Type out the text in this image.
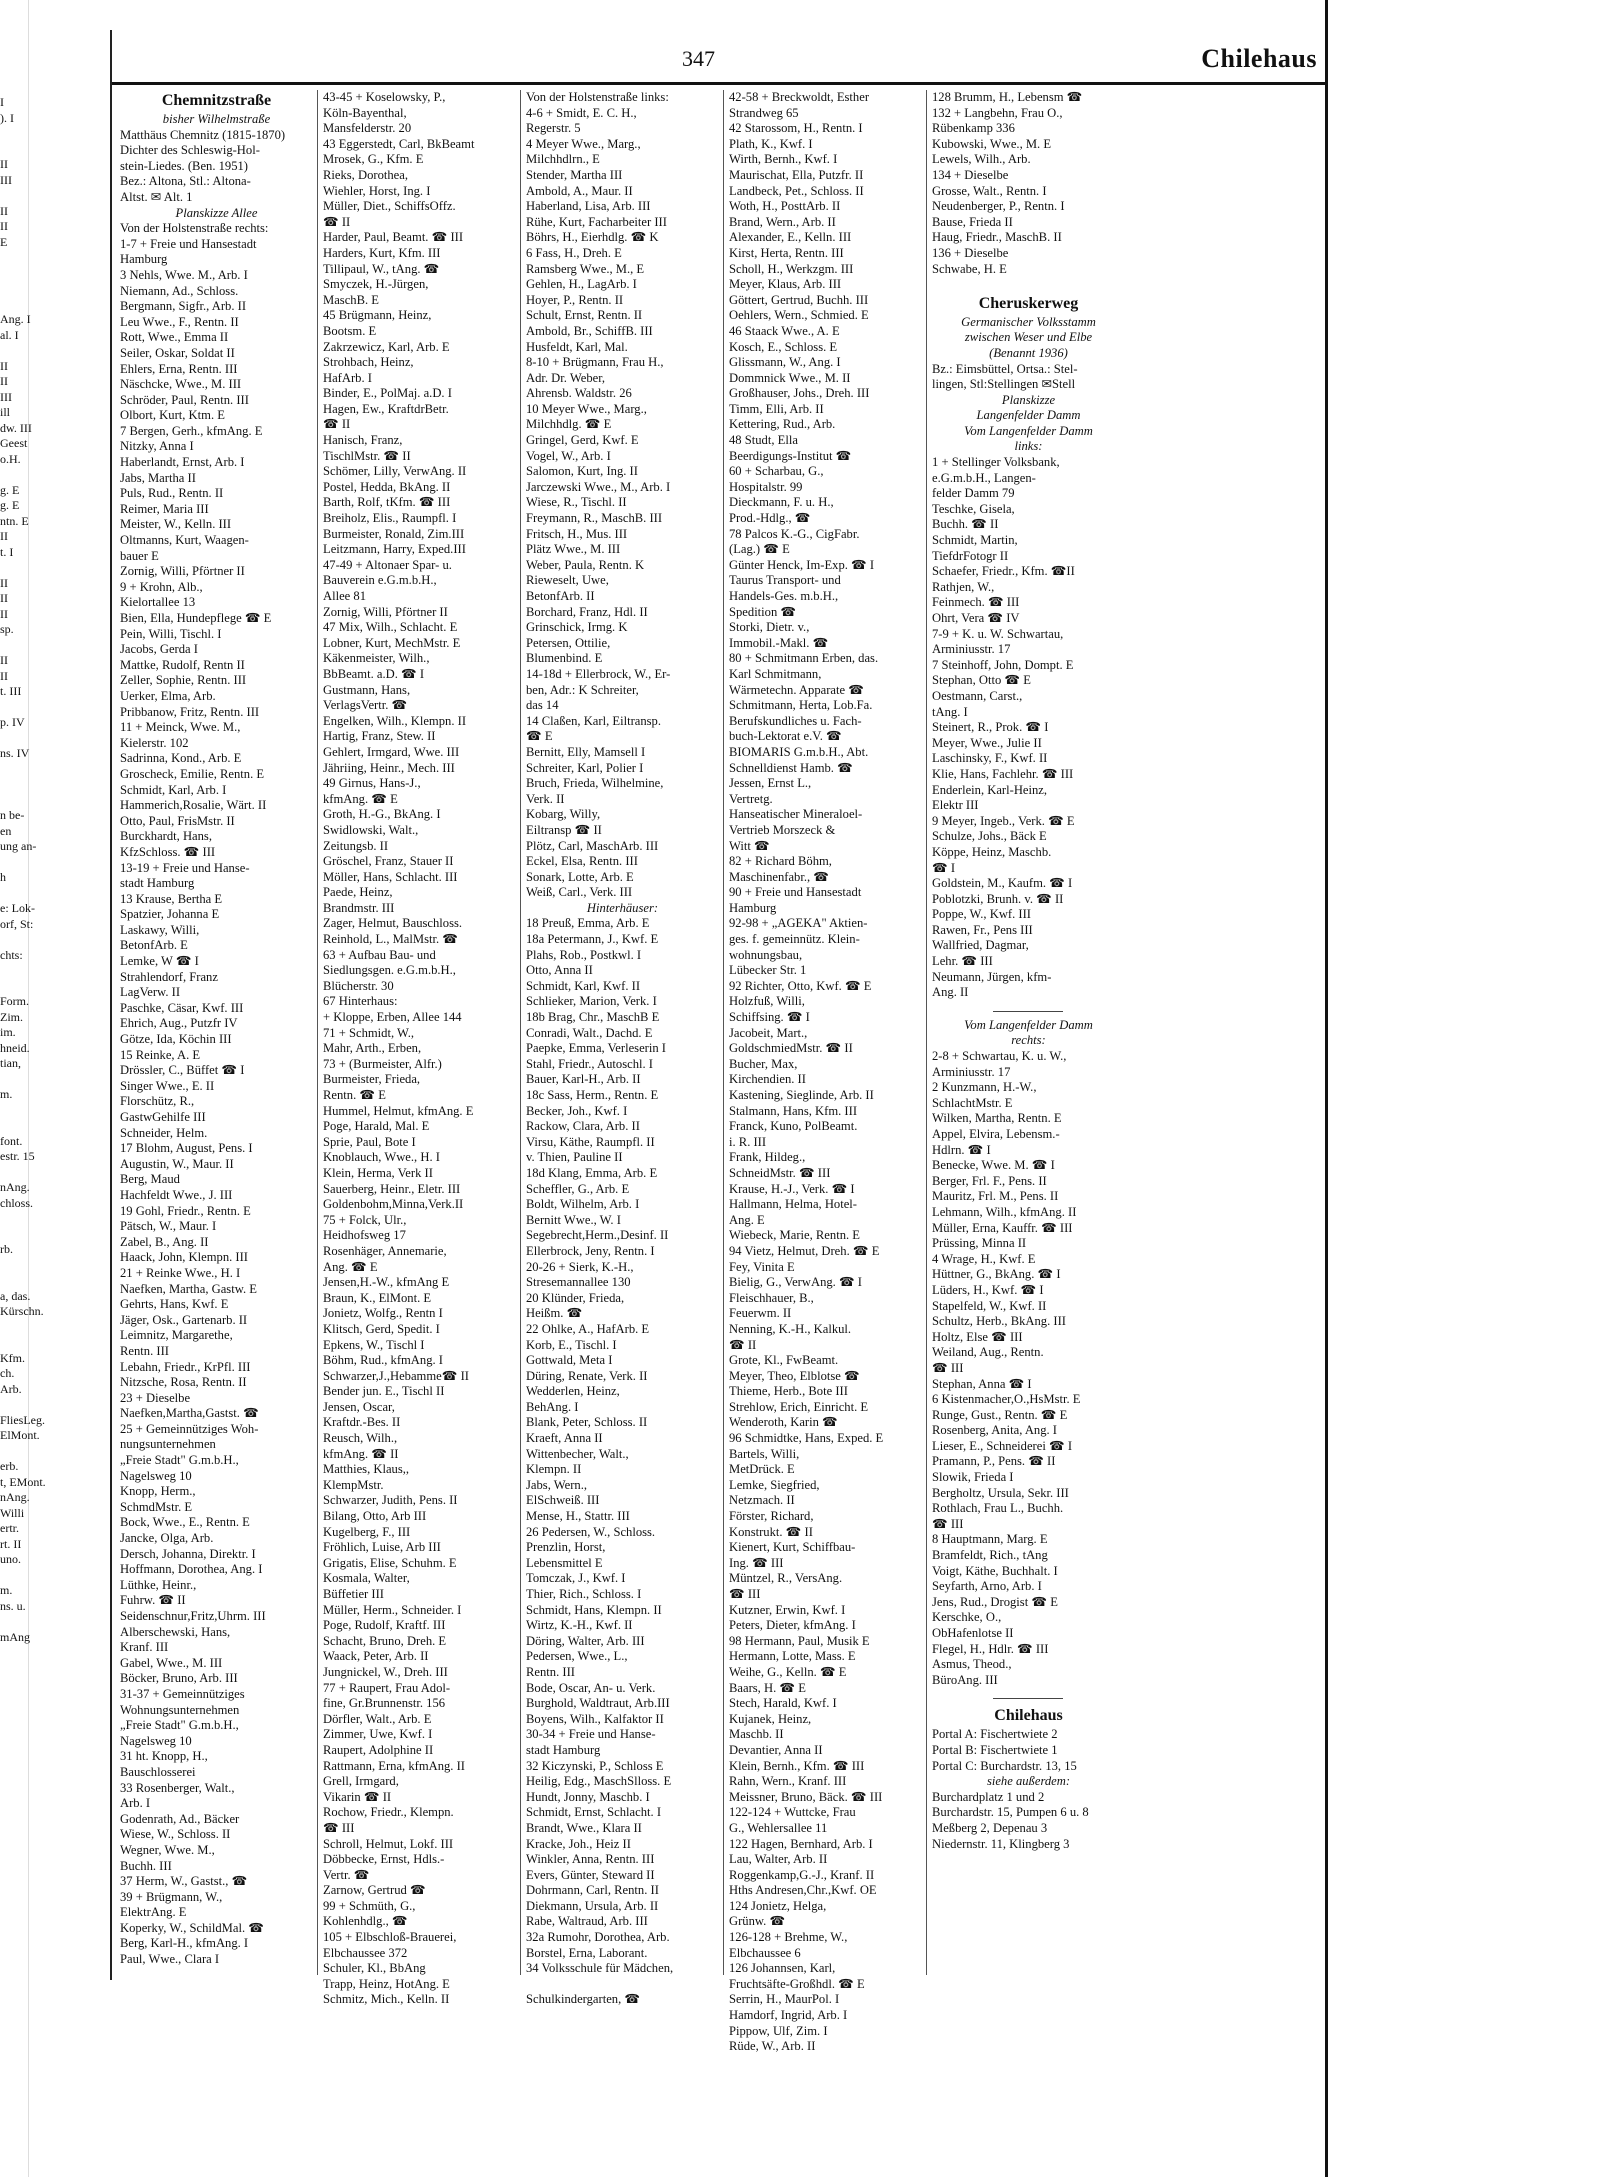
I
). I
II
III
II
II
E
Ang. I
al. I
II
II
III
ill
dw. III
Geest
o.H.
g. E
g. E
ntn. E
II
t. I
II
II
II
sp.
II
II
t. III
p. IV
ns. IV
n be-
en
ung an-
h
e: Lok-
orf, St:
chts:
Form.
Zim.
im.
hneid.
tian,
m.
font.
estr. 15
nAng.
chloss.
rb.
a, das.
Kürschn.
Kfm.
ch.
Arb.
FliesLeg.
ElMont.
erb.
t, EMont.
nAng.
Willi
ertr.
rt. II
uno.
m.
ns. u.
mAng
347	Chilehaus
Chemnitzstraße
bisher Wilhelmstraße
Matthäus Chemnitz (1815-1870)
Dichter des Schleswig-Hol-
stein-Liedes. (Ben. 1951)
Bez.: Altona, Stl.: Altona-
Altst. ✉ Alt. 1
Planskizze Allee
Von der Holstenstraße rechts:
1-7 + Freie und Hansestadt
Hamburg
3 Nehls, Wwe. M., Arb. I
Niemann, Ad., Schloss.
Bergmann, Sigfr., Arb. II
Leu Wwe., F., Rentn. II
Rott, Wwe., Emma II
Seiler, Oskar, Soldat II
Ehlers, Erna, Rentn. III
Näschcke, Wwe., M. III
Schröder, Paul, Rentn. III
Olbort, Kurt, Ktm. E
7 Bergen, Gerh., kfmAng. E
Nitzky, Anna I
Haberlandt, Ernst, Arb. I
Jabs, Martha II
Puls, Rud., Rentn. II
Reimer, Maria III
Meister, W., Kelln. III
Oltmanns, Kurt, Waagen-
bauer E
Zornig, Willi, Pförtner II
9 + Krohn, Alb.,
Kielortallee 13
Bien, Ella, Hundepflege ☎ E
Pein, Willi, Tischl. I
Jacobs, Gerda I
Mattke, Rudolf, Rentn II
Zeller, Sophie, Rentn. III
Uerker, Elma, Arb.
Pribbanow, Fritz, Rentn. III
11 + Meinck, Wwe. M.,
Kielerstr. 102
Sadrinna, Kond., Arb. E
Groscheck, Emilie, Rentn. E
Schmidt, Karl, Arb. I
Hammerich,Rosalie, Wärt. II
Otto, Paul, FrisMstr. II
Burckhardt, Hans,
KfzSchloss. ☎ III
13-19 + Freie und Hanse-
stadt Hamburg
13 Krause, Bertha E
Spatzier, Johanna E
Laskawy, Willi,
BetonfArb. E
Lemke, W ☎ I
Strahlendorf, Franz
LagVerw. II
Paschke, Cäsar, Kwf. III
Ehrich, Aug., Putzfr IV
Götze, Ida, Köchin III
15 Reinke, A. E
Drössler, C., Büffet ☎ I
Singer Wwe., E. II
Florschütz, R.,
GastwGehilfe III
Schneider, Helm.
17 Blohm, August, Pens. I
Augustin, W., Maur. II
Berg, Maud
Hachfeldt Wwe., J. III
19 Gohl, Friedr., Rentn. E
Pätsch, W., Maur. I
Zabel, B., Ang. II
Haack, John, Klempn. III
21 + Reinke Wwe., H. I
Naefken, Martha, Gastw. E
Gehrts, Hans, Kwf. E
Jäger, Osk., Gartenarb. II
Leimnitz, Margarethe,
Rentn. III
Lebahn, Friedr., KrPfl. III
Nitzsche, Rosa, Rentn. II
23 + Dieselbe
Naefken,Martha,Gastst. ☎
25 + Gemeinnütziges Woh-
nungsunternehmen
„Freie Stadt" G.m.b.H.,
Nagelsweg 10
Knopp, Herm.,
SchmdMstr. E
Bock, Wwe., E., Rentn. E
Jancke, Olga, Arb.
Dersch, Johanna, Direktr. I
Hoffmann, Dorothea, Ang. I
Lüthke, Heinr.,
Fuhrw. ☎ II
Seidenschnur,Fritz,Uhrm. III
Alberschewski, Hans,
Kranf. III
Gabel, Wwe., M. III
Böcker, Bruno, Arb. III
31-37 + Gemeinnütziges
Wohnungsunternehmen
„Freie Stadt" G.m.b.H.,
Nagelsweg 10
31 ht. Knopp, H.,
Bauschlosserei
33 Rosenberger, Walt.,
Arb. I
Godenrath, Ad., Bäcker
Wiese, W., Schloss. II
Wegner, Wwe. M.,
Buchh. III
37 Herm, W., Gastst., ☎
39 + Brügmann, W.,
ElektrAng. E
Koperky, W., SchildMal. ☎
Berg, Karl-H., kfmAng. I
Paul, Wwe., Clara I
43-45 + Koselowsky, P.,
Köln-Bayenthal,
Mansfelderstr. 20
43 Eggerstedt, Carl, BkBeamt
Mrosek, G., Kfm. E
Rieks, Dorothea,
Wiehler, Horst, Ing. I
Müller, Diet., SchiffsOffz.
☎ II
Harder, Paul, Beamt. ☎ III
Harders, Kurt, Kfm. III
Tillipaul, W., tAng. ☎
Smyczek, H.-Jürgen,
MaschB. E
45 Brügmann, Heinz,
Bootsm. E
Zakrzewicz, Karl, Arb. E
Strohbach, Heinz,
HafArb. I
Binder, E., PolMaj. a.D. I
Hagen, Ew., KraftdrBetr.
☎ II
Hanisch, Franz,
TischlMstr. ☎ II
Schömer, Lilly, VerwAng. II
Postel, Hedda, BkAng. II
Barth, Rolf, tKfm. ☎ III
Breiholz, Elis., Raumpfl. I
Burmeister, Ronald, Zim.III
Leitzmann, Harry, Exped.III
47-49 + Altonaer Spar- u.
Bauverein e.G.m.b.H.,
Allee 81
Zornig, Willi, Pförtner II
47 Mix, Wilh., Schlacht. E
Lobner, Kurt, MechMstr. E
Käkenmeister, Wilh.,
BbBeamt. a.D. ☎ I
Gustmann, Hans,
VerlagsVertr. ☎
Engelken, Wilh., Klempn. II
Hartig, Franz, Stew. II
Gehlert, Irmgard, Wwe. III
Jähriing, Heinr., Mech. III
49 Girnus, Hans-J.,
kfmAng. ☎ E
Groth, H.-G., BkAng. I
Swidlowski, Walt.,
Zeitungsb. II
Gröschel, Franz, Stauer II
Möller, Hans, Schlacht. III
Paede, Heinz,
Brandmstr. III
Zager, Helmut, Bauschloss.
Reinhold, L., MalMstr. ☎
63 + Aufbau Bau- und
Siedlungsgen. e.G.m.b.H.,
Blücherstr. 30
67 Hinterhaus:
+ Kloppe, Erben, Allee 144
71 + Schmidt, W.,
Mahr, Arth., Erben,
73 + (Burmeister, Alfr.)
Burmeister, Frieda,
Rentn. ☎ E
Hummel, Helmut, kfmAng. E
Poge, Harald, Mal. E
Sprie, Paul, Bote I
Knoblauch, Wwe., H. I
Klein, Herma, Verk II
Sauerberg, Heinr., Eletr. III
Goldenbohm,Minna,Verk.II
75 + Folck, Ulr.,
Heidhofsweg 17
Rosenhäger, Annemarie,
Ang. ☎ E
Jensen,H.-W., kfmAng E
Braun, K., ElMont. E
Jonietz, Wolfg., Rentn I
Klitsch, Gerd, Spedit. I
Epkens, W., Tischl I
Böhm, Rud., kfmAng. I
Schwarzer,J.,Hebamme☎ II
Bender jun. E., Tischl II
Jensen, Oscar,
Kraftdr.-Bes. II
Reusch, Wilh.,
kfmAng. ☎ II
Matthies, Klaus,,
KlempMstr.
Schwarzer, Judith, Pens. II
Bilang, Otto, Arb III
Kugelberg, F., III
Fröhlich, Luise, Arb III
Grigatis, Elise, Schuhm. E
Kosmala, Walter,
Büffetier III
Müller, Herm., Schneider. I
Poge, Rudolf, Kraftf. III
Schacht, Bruno, Dreh. E
Waack, Peter, Arb. II
Jungnickel, W., Dreh. III
77 + Raupert, Frau Adol-
fine, Gr.Brunnenstr. 156
Dörfler, Walt., Arb. E
Zimmer, Uwe, Kwf. I
Raupert, Adolphine II
Rattmann, Erna, kfmAng. II
Grell, Irmgard,
Vikarin ☎ II
Rochow, Friedr., Klempn.
☎ III
Schroll, Helmut, Lokf. III
Döbbecke, Ernst, Hdls.-
Vertr. ☎
Zarnow, Gertrud ☎
99 + Schmüth, G.,
Kohlenhdlg., ☎
105 + Elbschloß-Brauerei,
Elbchaussee 372
Schuler, Kl., BbAng
Trapp, Heinz, HotAng. E
Schmitz, Mich., Kelln. II
Von der Holstenstraße links:
4-6 + Smidt, E. C. H.,
Regerstr. 5
4 Meyer Wwe., Marg.,
Milchhdlrn., E
Stender, Martha III
Ambold, A., Maur. II
Haberland, Lisa, Arb. III
Rühe, Kurt, Facharbeiter III
Böhrs, H., Eierhdlg. ☎ K
6 Fass, H., Dreh. E
Ramsberg Wwe., M., E
Gehlen, H., LagArb. I
Hoyer, P., Rentn. II
Schult, Ernst, Rentn. II
Ambold, Br., SchiffB. III
Husfeldt, Karl, Mal.
8-10 + Brügmann, Frau H.,
Adr. Dr. Weber,
Ahrensb. Waldstr. 26
10 Meyer Wwe., Marg.,
Milchhdlg. ☎ E
Gringel, Gerd, Kwf. E
Vogel, W., Arb. I
Salomon, Kurt, Ing. II
Jarczewski Wwe., M., Arb. I
Wiese, R., Tischl. II
Freymann, R., MaschB. III
Fritsch, H., Mus. III
Plätz Wwe., M. III
Weber, Paula, Rentn. K
Rieweselt, Uwe,
BetonfArb. II
Borchard, Franz, Hdl. II
Grinschick, Irmg. K
Petersen, Ottilie,
Blumenbind. E
14-18d + Ellerbrock, W., Er-
ben, Adr.: K Schreiter,
das 14
14 Claßen, Karl, Eiltransp.
☎ E
Bernitt, Elly, Mamsell I
Schreiter, Karl, Polier I
Bruch, Frieda, Wilhelmine,
Verk. II
Kobarg, Willy,
Eiltransp ☎ II
Plötz, Carl, MaschArb. III
Eckel, Elsa, Rentn. III
Sonark, Lotte, Arb. E
Weiß, Carl., Verk. III
Hinterhäuser:
18 Preuß, Emma, Arb. E
18a Petermann, J., Kwf. E
Plahs, Rob., Postkwl. I
Otto, Anna II
Schmidt, Karl, Kwf. II
Schlieker, Marion, Verk. I
18b Brag, Chr., MaschB E
Conradi, Walt., Dachd. E
Paepke, Emma, Verleserin I
Stahl, Friedr., Autoschl. I
Bauer, Karl-H., Arb. II
18c Sass, Herm., Rentn. E
Becker, Joh., Kwf. I
Rackow, Clara, Arb. II
Virsu, Käthe, Raumpfl. II
v. Thien, Pauline II
18d Klang, Emma, Arb. E
Scheffler, G., Arb. E
Boldt, Wilhelm, Arb. I
Bernitt Wwe., W. I
Segebrecht,Herm.,Desinf. II
Ellerbrock, Jeny, Rentn. I
20-26 + Sierk, K.-H.,
Stresemannallee 130
20 Klünder, Frieda,
Heißm. ☎
22 Ohlke, A., HafArb. E
Korb, E., Tischl. I
Gottwald, Meta I
Düring, Renate, Verk. II
Wedderlen, Heinz,
BehAng. I
Blank, Peter, Schloss. II
Kraeft, Anna II
Wittenbecher, Walt.,
Klempn. II
Jabs, Wern.,
ElSchweiß. III
Mense, H., Stattr. III
26 Pedersen, W., Schloss.
Prenzlin, Horst,
Lebensmittel E
Tomczak, J., Kwf. I
Thier, Rich., Schloss. I
Schmidt, Hans, Klempn. II
Wirtz, K.-H., Kwf. II
Döring, Walter, Arb. III
Pedersen, Wwe., L.,
Rentn. III
Bode, Oscar, An- u. Verk.
Burghold, Waldtraut, Arb.III
Boyens, Wilh., Kalfaktor II
30-34 + Freie und Hanse-
stadt Hamburg
32 Kiczynski, P., Schloss E
Heilig, Edg., MaschSlloss. E
Hundt, Jonny, Maschb. I
Schmidt, Ernst, Schlacht. I
Brandt, Wwe., Klara II
Kracke, Joh., Heiz II
Winkler, Anna, Rentn. III
Evers, Günter, Steward II
Dohrmann, Carl, Rentn. II
Diekmann, Ursula, Arb. II
Rabe, Waltraud, Arb. III
32a Rumohr, Dorothea, Arb.
Borstel, Erna, Laborant.
34 Volksschule für Mädchen,
Schulkindergarten, ☎
42-58 + Breckwoldt, Esther
Strandweg 65
42 Starossom, H., Rentn. I
Plath, K., Kwf. I
Wirth, Bernh., Kwf. I
Maurischat, Ella, Putzfr. II
Landbeck, Pet., Schloss. II
Woth, H., PosttArb. II
Brand, Wern., Arb. II
Alexander, E., Kelln. III
Kirst, Herta, Rentn. III
Scholl, H., Werkzgm. III
Meyer, Klaus, Arb. III
Göttert, Gertrud, Buchh. III
Oehlers, Wern., Schmied. E
46 Staack Wwe., A. E
Kosch, E., Schloss. E
Glissmann, W., Ang. I
Dommnick Wwe., M. II
Großhauser, Johs., Dreh. III
Timm, Elli, Arb. II
Kettering, Rud., Arb.
48 Studt, Ella
Beerdigungs-Institut ☎
60 + Scharbau, G.,
Hospitalstr. 99
Dieckmann, F. u. H.,
Prod.-Hdlg., ☎
78 Palcos K.-G., CigFabr.
(Lag.) ☎ E
Günter Henck, Im-Exp. ☎ I
Taurus Transport- und
Handels-Ges. m.b.H.,
Spedition ☎
Storki, Dietr. v.,
Immobil.-Makl. ☎
80 + Schmitmann Erben, das.
Karl Schmitmann,
Wärmetechn. Apparate ☎
Schmitmann, Herta, Lob.Fa.
Berufskundliches u. Fach-
buch-Lektorat e.V. ☎
BIOMARIS G.m.b.H., Abt.
Schnelldienst Hamb. ☎
Jessen, Ernst L.,
Vertretg.
Hanseatischer Mineraloel-
Vertrieb Morszeck &
Witt ☎
82 + Richard Böhm,
Maschinenfabr., ☎
90 + Freie und Hansestadt
Hamburg
92-98 + „AGEKA" Aktien-
ges. f. gemeinnütz. Klein-
wohnungsbau,
Lübecker Str. 1
92 Richter, Otto, Kwf. ☎ E
Holzfuß, Willi,
Schiffsing. ☎ I
Jacobeit, Mart.,
GoldschmiedMstr. ☎ II
Bucher, Max,
Kirchendien. II
Kastening, Sieglinde, Arb. II
Stalmann, Hans, Kfm. III
Franck, Kuno, PolBeamt.
i. R. III
Frank, Hildeg.,
SchneidMstr. ☎ III
Krause, H.-J., Verk. ☎ I
Hallmann, Helma, Hotel-
Ang. E
Wiebeck, Marie, Rentn. E
94 Vietz, Helmut, Dreh. ☎ E
Fey, Vinita E
Bielig, G., VerwAng. ☎ I
Fleischhauer, B.,
Feuerwm. II
Nenning, K.-H., Kalkul.
☎ II
Grote, Kl., FwBeamt.
Meyer, Theo, Elblotse ☎
Thieme, Herb., Bote III
Strehlow, Erich, Einricht. E
Wenderoth, Karin ☎
96 Schmidtke, Hans, Exped. E
Bartels, Willi,
MetDrück. E
Lemke, Siegfried,
Netzmach. II
Förster, Richard,
Konstrukt. ☎ II
Kienert, Kurt, Schiffbau-
Ing. ☎ III
Müntzel, R., VersAng.
☎ III
Kutzner, Erwin, Kwf. I
Peters, Dieter, kfmAng. I
98 Hermann, Paul, Musik E
Hermann, Lotte, Mass. E
Weihe, G., Kelln. ☎ E
Baars, H. ☎ E
Stech, Harald, Kwf. I
Kujanek, Heinz,
Maschb. II
Devantier, Anna II
Klein, Bernh., Kfm. ☎ III
Rahn, Wern., Kranf. III
Meissner, Bruno, Bäck. ☎ III
122-124 + Wuttcke, Frau
G., Wehlersallee 11
122 Hagen, Bernhard, Arb. I
Lau, Walter, Arb. II
Roggenkamp,G.-J., Kranf. II
Hths Andresen,Chr.,Kwf. OE
124 Jonietz, Helga,
Grünw. ☎
126-128 + Brehme, W.,
Elbchaussee 6
126 Johannsen, Karl,
Fruchtsäfte-Großhdl. ☎ E
Serrin, H., MaurPol. I
Hamdorf, Ingrid, Arb. I
Pippow, Ulf, Zim. I
Rüde, W., Arb. II
128 Brumm, H., Lebensm ☎
132 + Langbehn, Frau O.,
Rübenkamp 336
Kubowski, Wwe., M. E
Lewels, Wilh., Arb.
134 + Dieselbe
Grosse, Walt., Rentn. I
Neudenberger, P., Rentn. I
Bause, Frieda II
Haug, Friedr., MaschB. II
136 + Dieselbe
Schwabe, H. E
Cheruskerweg
Germanischer Volksstamm
zwischen Weser und Elbe
(Benannt 1936)
Bz.: Eimsbüttel, Ortsa.: Stel-
lingen, Stl:Stellingen ✉Stell
Planskizze
Langenfelder Damm
Vom Langenfelder Damm
links:
1 + Stellinger Volksbank,
e.G.m.b.H., Langen-
felder Damm 79
Teschke, Gisela,
Buchh. ☎ II
Schmidt, Martin,
TiefdrFotogr II
Schaefer, Friedr., Kfm. ☎II
Rathjen, W.,
Feinmech. ☎ III
Ohrt, Vera ☎ IV
7-9 + K. u. W. Schwartau,
Arminiusstr. 17
7 Steinhoff, John, Dompt. E
Stephan, Otto ☎ E
Oestmann, Carst.,
tAng. I
Steinert, R., Prok. ☎ I
Meyer, Wwe., Julie II
Laschinsky, F., Kwf. II
Klie, Hans, Fachlehr. ☎ III
Enderlein, Karl-Heinz,
Elektr III
9 Meyer, Ingeb., Verk. ☎ E
Schulze, Johs., Bäck E
Köppe, Heinz, Maschb.
☎ I
Goldstein, M., Kaufm. ☎ I
Poblotzki, Brunh. v. ☎ II
Poppe, W., Kwf. III
Rawen, Fr., Pens III
Wallfried, Dagmar,
Lehr. ☎ III
Neumann, Jürgen, kfm-
Ang. II
Vom Langenfelder Damm
rechts:
2-8 + Schwartau, K. u. W.,
Arminiusstr. 17
2 Kunzmann, H.-W.,
SchlachtMstr. E
Wilken, Martha, Rentn. E
Appel, Elvira, Lebensm.-
Hdlrn. ☎ I
Benecke, Wwe. M. ☎ I
Berger, Frl. F., Pens. II
Mauritz, Frl. M., Pens. II
Lehmann, Wilh., kfmAng. II
Müller, Erna, Kauffr. ☎ III
Prüssing, Minna II
4 Wrage, H., Kwf. E
Hüttner, G., BkAng. ☎ I
Lüders, H., Kwf. ☎ I
Stapelfeld, W., Kwf. II
Schultz, Herb., BkAng. III
Holtz, Else ☎ III
Weiland, Aug., Rentn.
☎ III
Stephan, Anna ☎ I
6 Kistenmacher,O.,HsMstr. E
Runge, Gust., Rentn. ☎ E
Rosenberg, Anita, Ang. I
Lieser, E., Schneiderei ☎ I
Pramann, P., Pens. ☎ II
Slowik, Frieda I
Bergholtz, Ursula, Sekr. III
Rothlach, Frau L., Buchh.
☎ III
8 Hauptmann, Marg. E
Bramfeldt, Rich., tAng
Voigt, Käthe, Buchhalt. I
Seyfarth, Arno, Arb. I
Jens, Rud., Drogist ☎ E
Kerschke, O.,
ObHafenlotse II
Flegel, H., Hdlr. ☎ III
Asmus, Theod.,
BüroAng. III
Chilehaus
Portal A: Fischertwiete 2
Portal B: Fischertwiete 1
Portal C: Burchardstr. 13, 15
siehe außerdem:
Burchardplatz 1 und 2
Burchardstr. 15, Pumpen 6 u. 8
Meßberg 2, Depenau 3
Niedernstr. 11, Klingberg 3
